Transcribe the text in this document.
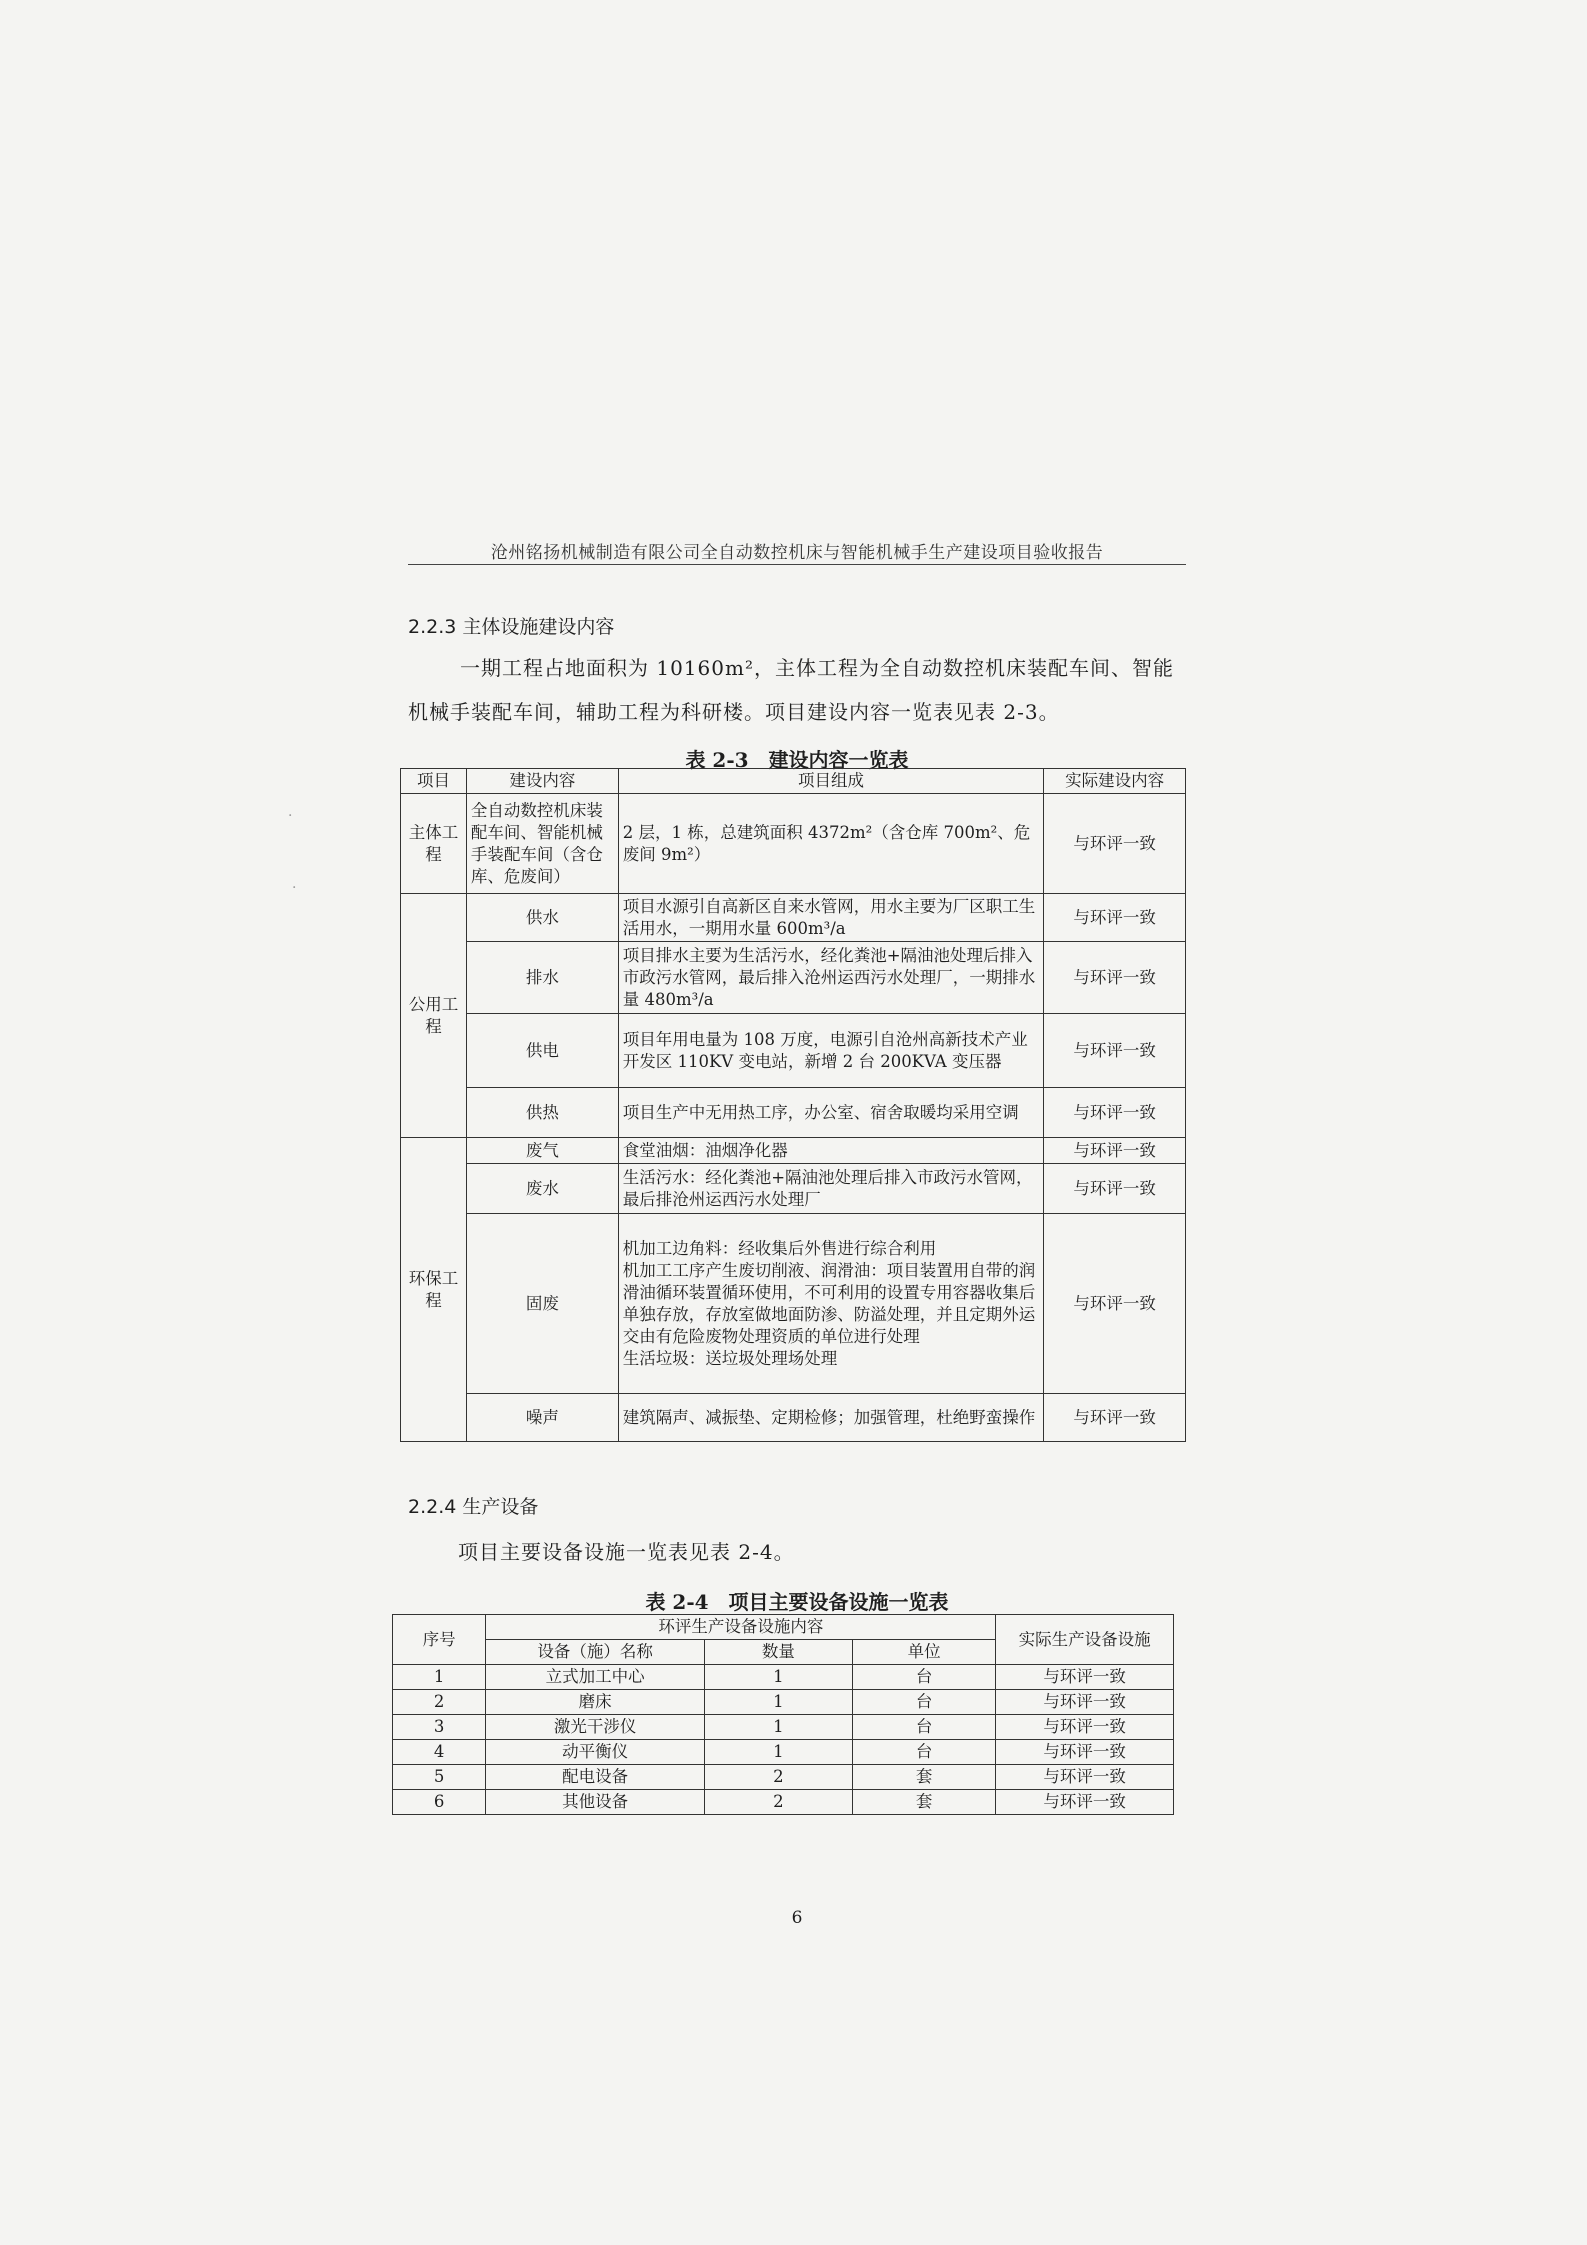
沧州铭扬机械制造有限公司全自动数控机床与智能机械手生产建设项目验收报告
2.2.3 主体设施建设内容
一期工程占地面积为 10160m²，主体工程为全自动数控机床装配车间、智能
机械手装配车间，辅助工程为科研楼。项目建设内容一览表见表 2-3。
表 2-3　建设内容一览表
项目	建设内容	项目组成	实际建设内容
主体工程	全自动数控机床装配车间、智能机械手装配车间（含仓库、危废间）	2 层，1 栋，总建筑面积 4372m²（含仓库 700m²、危废间 9m²）	与环评一致
公用工程	供水	项目水源引自高新区自来水管网，用水主要为厂区职工生活用水，一期用水量 600m³/a	与环评一致
	排水	项目排水主要为生活污水，经化粪池+隔油池处理后排入市政污水管网，最后排入沧州运西污水处理厂，一期排水量 480m³/a	与环评一致
	供电	项目年用电量为 108 万度，电源引自沧州高新技术产业开发区 110KV 变电站，新增 2 台 200KVA 变压器	与环评一致
	供热	项目生产中无用热工序，办公室、宿舍取暖均采用空调	与环评一致
环保工程	废气	食堂油烟：油烟净化器	与环评一致
	废水	生活污水：经化粪池+隔油池处理后排入市政污水管网，最后排沧州运西污水处理厂	与环评一致
	固废	机加工边角料：经收集后外售进行综合利用
机加工工序产生废切削液、润滑油：项目装置用自带的润滑油循环装置循环使用，不可利用的设置专用容器收集后单独存放，存放室做地面防渗、防溢处理，并且定期外运交由有危险废物处理资质的单位进行处理
生活垃圾：送垃圾处理场处理	与环评一致
	噪声	建筑隔声、减振垫、定期检修；加强管理，杜绝野蛮操作	与环评一致
2.2.4 生产设备
项目主要设备设施一览表见表 2-4。
表 2-4　项目主要设备设施一览表
序号	环评生产设备设施内容			实际生产设备设施
	设备（施）名称	数量	单位	
1	立式加工中心	1	台	与环评一致
2	磨床	1	台	与环评一致
3	激光干涉仪	1	台	与环评一致
4	动平衡仪	1	台	与环评一致
5	配电设备	2	套	与环评一致
6	其他设备	2	套	与环评一致
6
·
·
